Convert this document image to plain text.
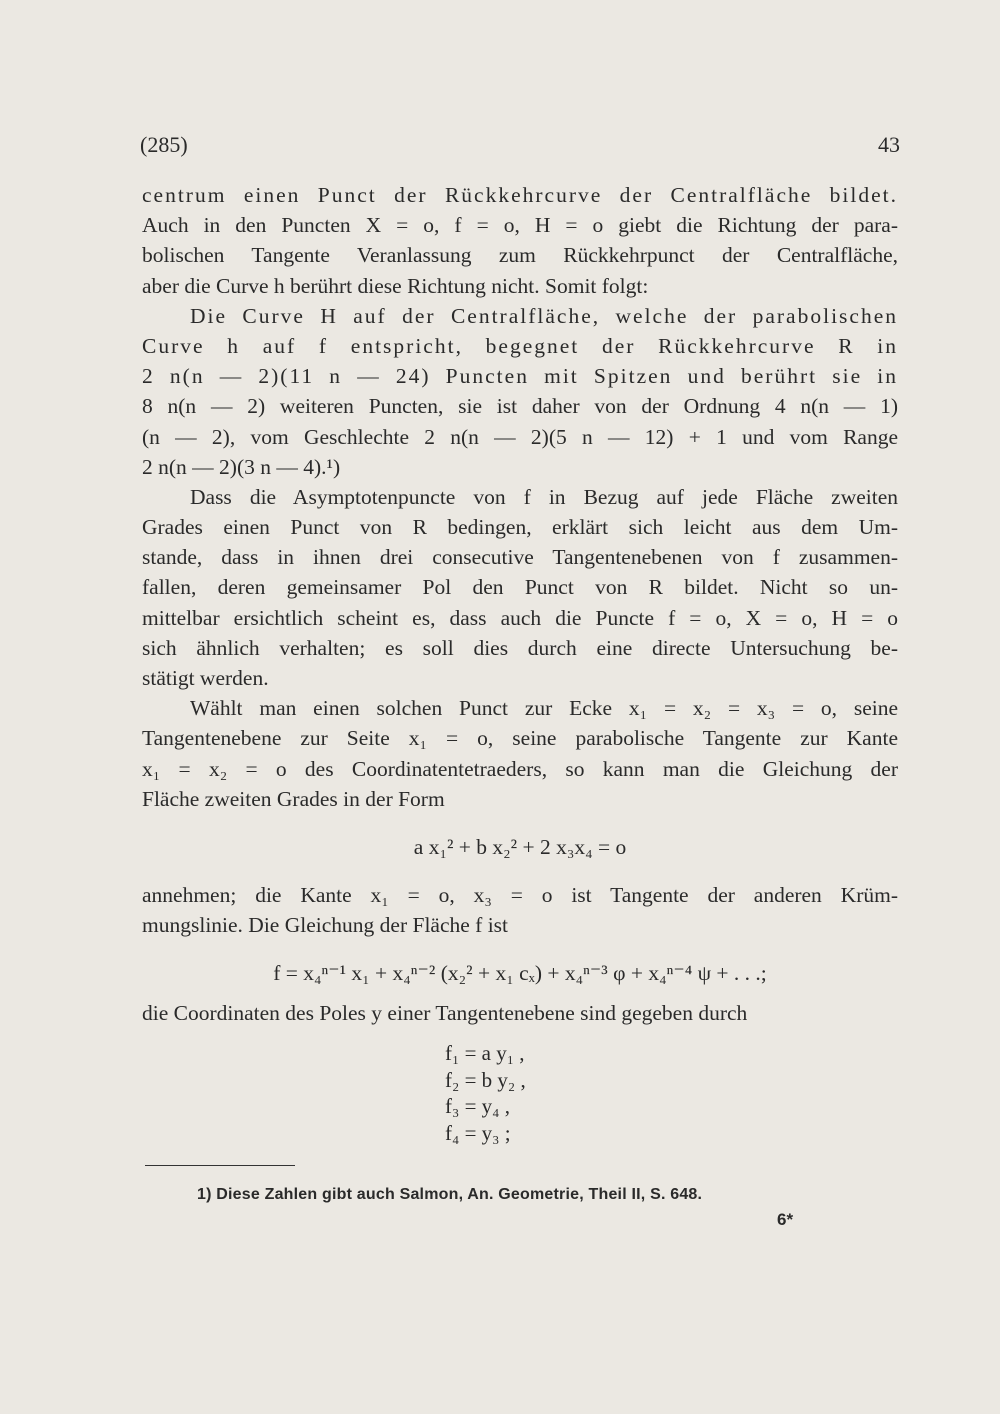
(285)	43
centrum einen Punct der Rückkehrcurve der Centralfläche bildet.
Auch in den Puncten X = o, f = o, H = o giebt die Richtung der para-
bolischen Tangente Veranlassung zum Rückkehrpunct der Centralfläche,
aber die Curve h berührt diese Richtung nicht. Somit folgt:
Die Curve H auf der Centralfläche, welche der parabolischen
Curve h auf f entspricht, begegnet der Rückkehrcurve R in
2 n(n — 2)(11 n — 24) Puncten mit Spitzen und berührt sie in
8 n(n — 2) weiteren Puncten, sie ist daher von der Ordnung 4 n(n — 1)
(n — 2), vom Geschlechte 2 n(n — 2)(5 n — 12) + 1 und vom Range
2 n(n — 2)(3 n — 4).¹)
Dass die Asymptotenpuncte von f in Bezug auf jede Fläche zweiten
Grades einen Punct von R bedingen, erklärt sich leicht aus dem Um-
stande, dass in ihnen drei consecutive Tangentenebenen von f zusammen-
fallen, deren gemeinsamer Pol den Punct von R bildet. Nicht so un-
mittelbar ersichtlich scheint es, dass auch die Puncte f = o, X = o, H = o
sich ähnlich verhalten; es soll dies durch eine directe Untersuchung be-
stätigt werden.
Wählt man einen solchen Punct zur Ecke x₁ = x₂ = x₃ = o, seine
Tangentenebene zur Seite x₁ = o, seine parabolische Tangente zur Kante
x₁ = x₂ = o des Coordinatentetraeders, so kann man die Gleichung der
Fläche zweiten Grades in der Form
a x₁² + b x₂² + 2 x₃x₄ = o
annehmen; die Kante x₁ = o, x₃ = o ist Tangente der anderen Krüm-
mungslinie. Die Gleichung der Fläche f ist
f = x₄ⁿ⁻¹ x₁ + x₄ⁿ⁻² (x₂² + x₁ cₓ) + x₄ⁿ⁻³ φ + x₄ⁿ⁻⁴ ψ + . . .;
die Coordinaten des Poles y einer Tangentenebene sind gegeben durch
f₁ = a y₁ ,
f₂ = b y₂ ,
f₃ = y₄ ,
f₄ = y₃ ;
1) Diese Zahlen gibt auch Salmon, An. Geometrie, Theil II, S. 648.
6*
